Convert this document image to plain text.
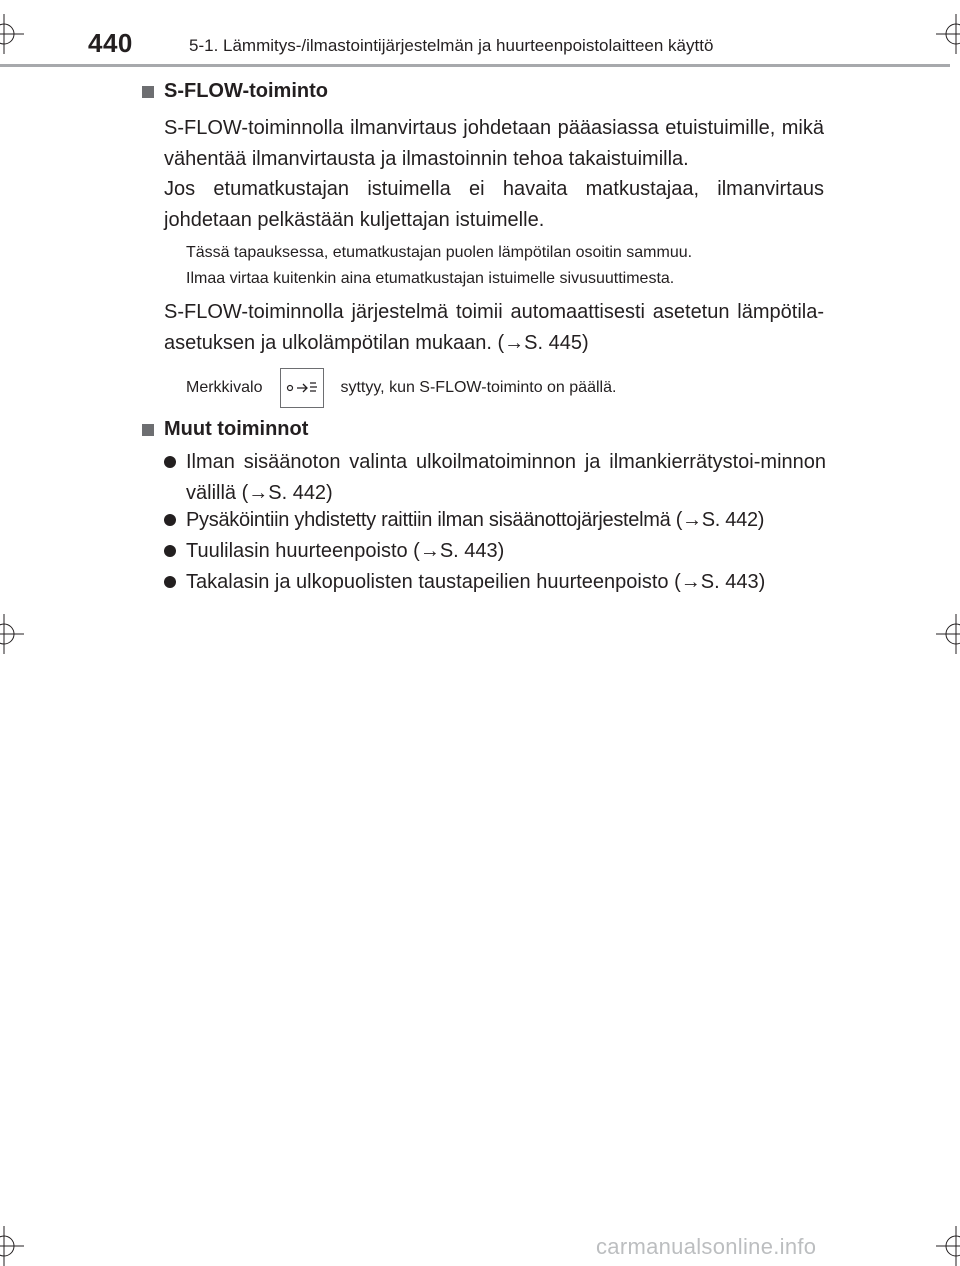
440	5-1. Lämmitys-/ilmastointijärjestelmän ja huurteenpoistolaitteen käyttö
S-FLOW-toiminto
S-FLOW-toiminnolla ilmanvirtaus johdetaan pääasiassa etuistuimille, mikä vähentää ilmanvirtausta ja ilmastoinnin tehoa takaistuimilla.
Jos etumatkustajan istuimella ei havaita matkustajaa, ilmanvirtaus johdetaan pelkästään kuljettajan istuimelle.
Tässä tapauksessa, etumatkustajan puolen lämpötilan osoitin sammuu.
Ilmaa virtaa kuitenkin aina etumatkustajan istuimelle sivusuuttimesta.
S-FLOW-toiminnolla järjestelmä toimii automaattisesti asetetun lämpötila-asetuksen ja ulkolämpötilan mukaan. (→S. 445)
Merkkivalo	syttyy, kun S-FLOW-toiminto on päällä.
Muut toiminnot
Ilman sisäänoton valinta ulkoilmatoiminnon ja ilmankierrätystoi-minnon välillä (→S. 442)
Pysäköintiin yhdistetty raittiin ilman sisäänottojärjestelmä (→S. 442)
Tuulilasin huurteenpoisto (→S. 443)
Takalasin ja ulkopuolisten taustapeilien huurteenpoisto (→S. 443)
carmanualsonline.info
